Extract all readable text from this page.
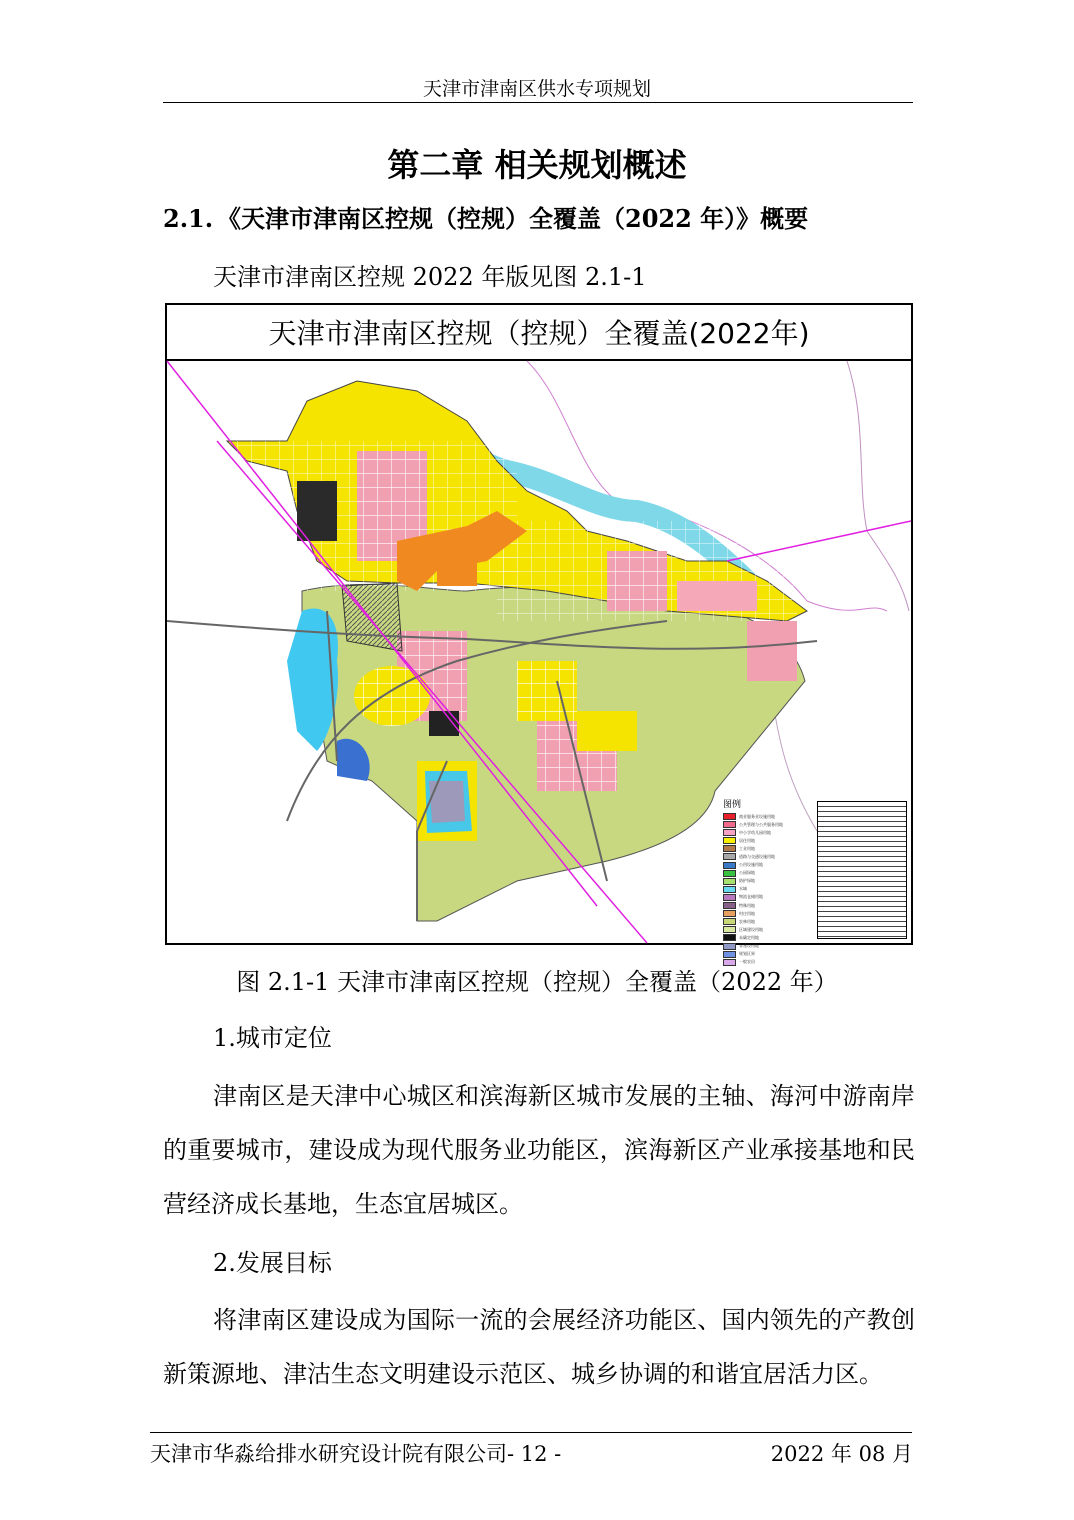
天津市津南区供水专项规划
第二章 相关规划概述
2.1. 《天津市津南区控规（控规）全覆盖（2022 年）》概要
天津市津南区控规 2022 年版见图 2.1-1
天津市津南区控规（控规）全覆盖(2022年)
图例
商业服务业设施用地
公共管理与公共服务用地
中小学幼儿园用地
居住用地
工业用地
道路与交通设施用地
公用设施用地
公园绿地
防护绿地
水域
物流仓储用地
特殊用地
村庄用地
农林用地
区域建设用地
未确定用地
非建设用地
规划区界
一般农田
图 2.1-1 天津市津南区控规（控规）全覆盖（2022 年）
1.城市定位
津南区是天津中心城区和滨海新区城市发展的主轴、海河中游南岸的重要城市，建设成为现代服务业功能区，滨海新区产业承接基地和民营经济成长基地，生态宜居城区。
2.发展目标
将津南区建设成为国际一流的会展经济功能区、国内领先的产教创新策源地、津沽生态文明建设示范区、城乡协调的和谐宜居活力区。
天津市华淼给排水研究设计院有限公司- 12 -	2022 年 08 月
